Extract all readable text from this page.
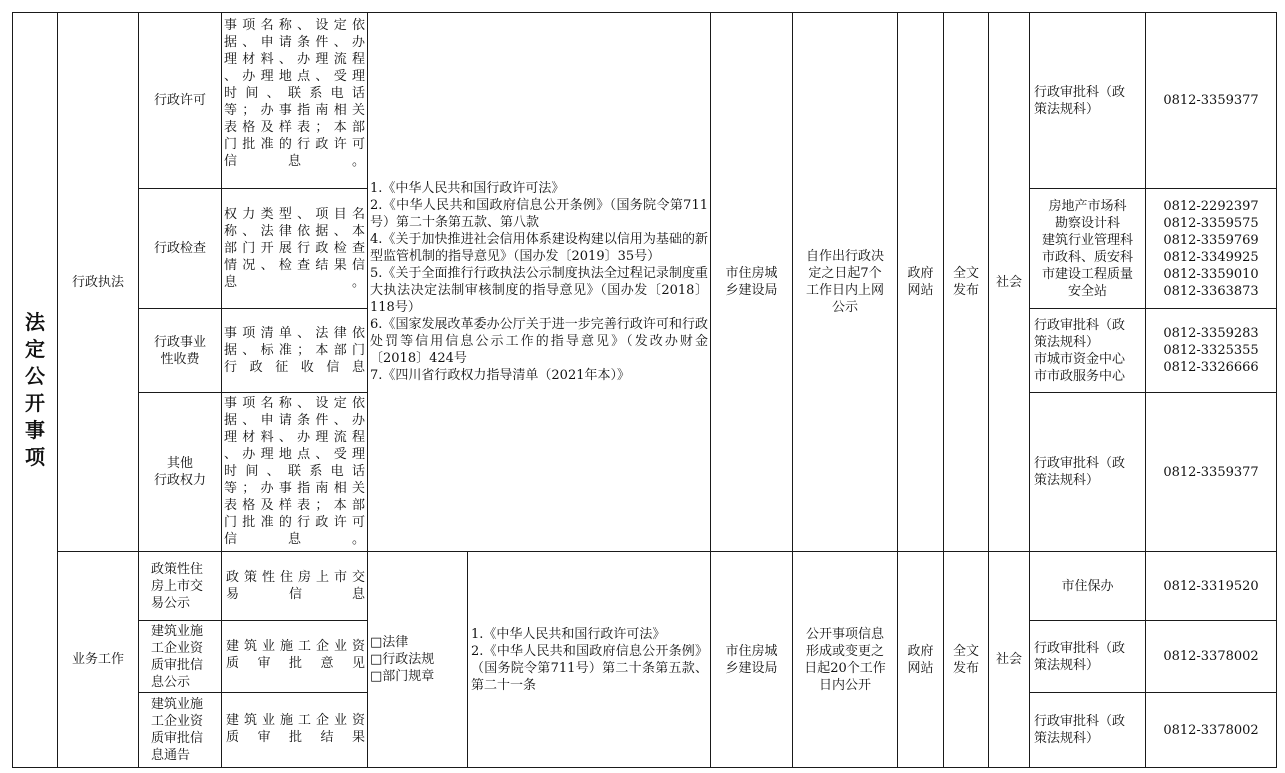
法
定
公
开
事
项
行政执法
行政许可
行政检查
行政事业
性收费
其他
行政权力
事项名称、设定依
据、申请条件、办
理材料、办理流程
、办理地点、受理
时间、联系电话
等；办事指南相关
表格及样表；本部
门批准的行政许可
信息。
权力类型、项目名
称、法律依据、本
部门开展行政检查
情况、检查结果信
息。
事项清单、法律依
据、标准；本部门
行政征收信息
事项名称、设定依
据、申请条件、办
理材料、办理流程
、办理地点、受理
时间、联系电话
等；办事指南相关
表格及样表；本部
门批准的行政许可
信息。
1.《中华人民共和国行政许可法》
2.《中华人民共和国政府信息公开条例》（国务院令第711号）第二十条第五款、第八款
4.《关于加快推进社会信用体系建设构建以信用为基础的新型监管机制的指导意见》（国办发〔2019〕35号）
5.《关于全面推行行政执法公示制度执法全过程记录制度重大执法决定法制审核制度的指导意见》（国办发〔2018〕118号）
6.《国家发展改革委办公厅关于进一步完善行政许可和行政处罚等信用信息公示工作的指导意见》（发改办财金〔2018〕424号
7.《四川省行政权力指导清单（2021年本）》
市住房城
乡建设局
自作出行政决
定之日起7个
工作日内上网
公示
政府
网站
全文
发布
社会
行政审批科（政
策法规科）
0812-3359377
房地产市场科
勘察设计科
建筑行业管理科
市政科、质安科
市建设工程质量
安全站
0812-2292397
0812-3359575
0812-3359769
0812-3349925
0812-3359010
0812-3363873
行政审批科（政
策法规科）
市城市资金中心
市市政服务中心
0812-3359283
0812-3325355
0812-3326666
行政审批科（政
策法规科）
0812-3359377
业务工作
政策性住
房上市交
易公示
建筑业施
工企业资
质审批信
息公示
建筑业施
工企业资
质审批信
息通告
政策性住房上市交
易信息
建筑业施工企业资
质审批意见
建筑业施工企业资
质审批结果
□法律
□行政法规
□部门规章
1.《中华人民共和国行政许可法》
2.《中华人民共和国政府信息公开条例》（国务院令第711号）第二十条第五款、第二十一条
市住房城
乡建设局
公开事项信息
形成或变更之
日起20个工作
日内公开
政府
网站
全文
发布
社会
市住保办	0812-3319520
行政审批科（政
策法规科）
0812-3378002
行政审批科（政
策法规科）
0812-3378002
